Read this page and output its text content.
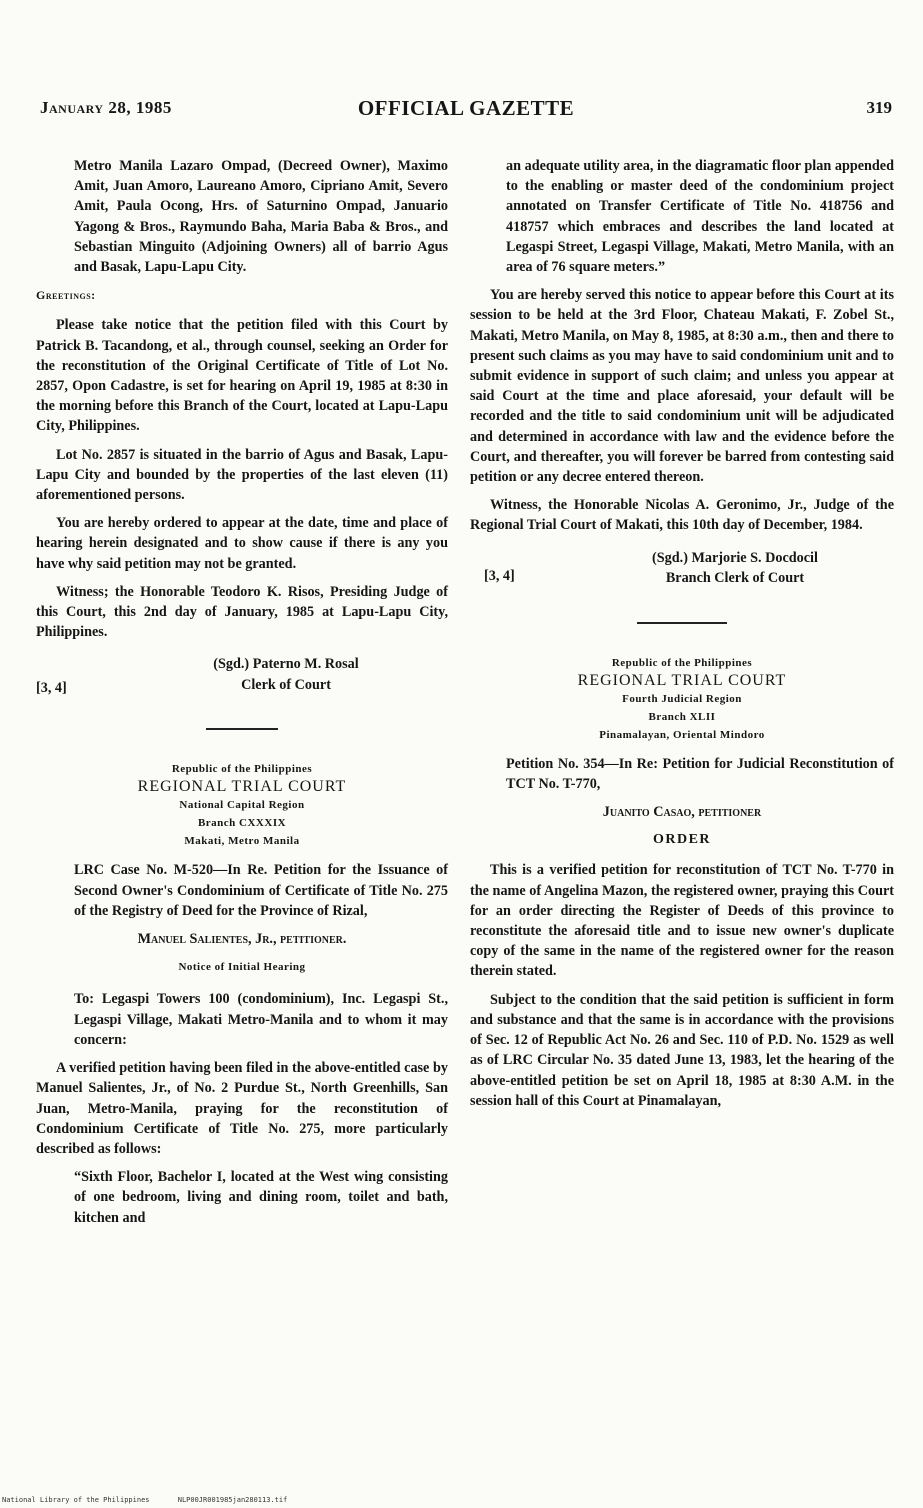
January 28, 1985	OFFICIAL GAZETTE	319

Metro Manila Lazaro Ompad, (Decreed Owner), Maximo Amit, Juan Amoro, Laureano Amoro, Cipriano Amit, Severo Amit, Paula Ocong, Hrs. of Saturnino Ompad, Januario Yagong & Bros., Raymundo Baha, Maria Baba & Bros., and Sebastian Minguito (Adjoining Owners) all of barrio Agus and Basak, Lapu-Lapu City.

Greetings:

Please take notice that the petition filed with this Court by Patrick B. Tacandong, et al., through counsel, seeking an Order for the reconstitution of the Original Certificate of Title of Lot No. 2857, Opon Cadastre, is set for hearing on April 19, 1985 at 8:30 in the morning before this Branch of the Court, located at Lapu-Lapu City, Philippines.

Lot No. 2857 is situated in the barrio of Agus and Basak, Lapu-Lapu City and bounded by the properties of the last eleven (11) aforementioned persons.

You are hereby ordered to appear at the date, time and place of hearing herein designated and to show cause if there is any you have why said petition may not be granted.

Witness; the Honorable Teodoro K. Risos, Presiding Judge of this Court, this 2nd day of January, 1985 at Lapu-Lapu City, Philippines.

(Sgd.) Paterno M. Rosal
Clerk of Court
[3, 4]
Republic of the Philippines
REGIONAL TRIAL COURT
National Capital Region
Branch CXXXIX
Makati, Metro Manila

LRC Case No. M-520—In Re. Petition for the Issuance of Second Owner's Condominium of Certificate of Title No. 275 of the Registry of Deed for the Province of Rizal,

Manuel Salientes, Jr., petitioner.
Notice of Initial Hearing

To: Legaspi Towers 100 (condominium), Inc. Legaspi St., Legaspi Village, Makati Metro-Manila and to whom it may concern:

A verified petition having been filed in the above-entitled case by Manuel Salientes, Jr., of No. 2 Purdue St., North Greenhills, San Juan, Metro-Manila, praying for the reconstitution of Condominium Certificate of Title No. 275, more particularly described as follows:

“Sixth Floor, Bachelor I, located at the West wing consisting of one bedroom, living and dining room, toilet and bath, kitchen and

an adequate utility area, in the diagramatic floor plan appended to the enabling or master deed of the condominium project annotated on Transfer Certificate of Title No. 418756 and 418757 which embraces and describes the land located at Legaspi Street, Legaspi Village, Makati, Metro Manila, with an area of 76 square meters.”

You are hereby served this notice to appear before this Court at its session to be held at the 3rd Floor, Chateau Makati, F. Zobel St., Makati, Metro Manila, on May 8, 1985, at 8:30 a.m., then and there to present such claims as you may have to said condominium unit and to submit evidence in support of such claim; and unless you appear at said Court at the time and place aforesaid, your default will be recorded and the title to said condominium unit will be adjudicated and determined in accordance with law and the evidence before the Court, and thereafter, you will forever be barred from contesting said petition or any decree entered thereon.

Witness, the Honorable Nicolas A. Geronimo, Jr., Judge of the Regional Trial Court of Makati, this 10th day of December, 1984.

(Sgd.) Marjorie S. Docdocil
Branch Clerk of Court
[3, 4]
Republic of the Philippines
REGIONAL TRIAL COURT
Fourth Judicial Region
Branch XLII
Pinamalayan, Oriental Mindoro

Petition No. 354—In Re: Petition for Judicial Reconstitution of TCT No. T-770,

Juanito Casao, petitioner
ORDER

This is a verified petition for reconstitution of TCT No. T-770 in the name of Angelina Mazon, the registered owner, praying this Court for an order directing the Register of Deeds of this province to reconstitute the aforesaid title and to issue new owner's duplicate copy of the same in the name of the registered owner for the reason therein stated.

Subject to the condition that the said petition is sufficient in form and substance and that the same is in accordance with the provisions of Sec. 12 of Republic Act No. 26 and Sec. 110 of P.D. No. 1529 as well as of LRC Circular No. 35 dated June 13, 1983, let the hearing of the above-entitled petition be set on April 18, 1985 at 8:30 A.M. in the session hall of this Court at Pinamalayan,

National Library of the Philippines	NLP00JR001985jan280113.tif
